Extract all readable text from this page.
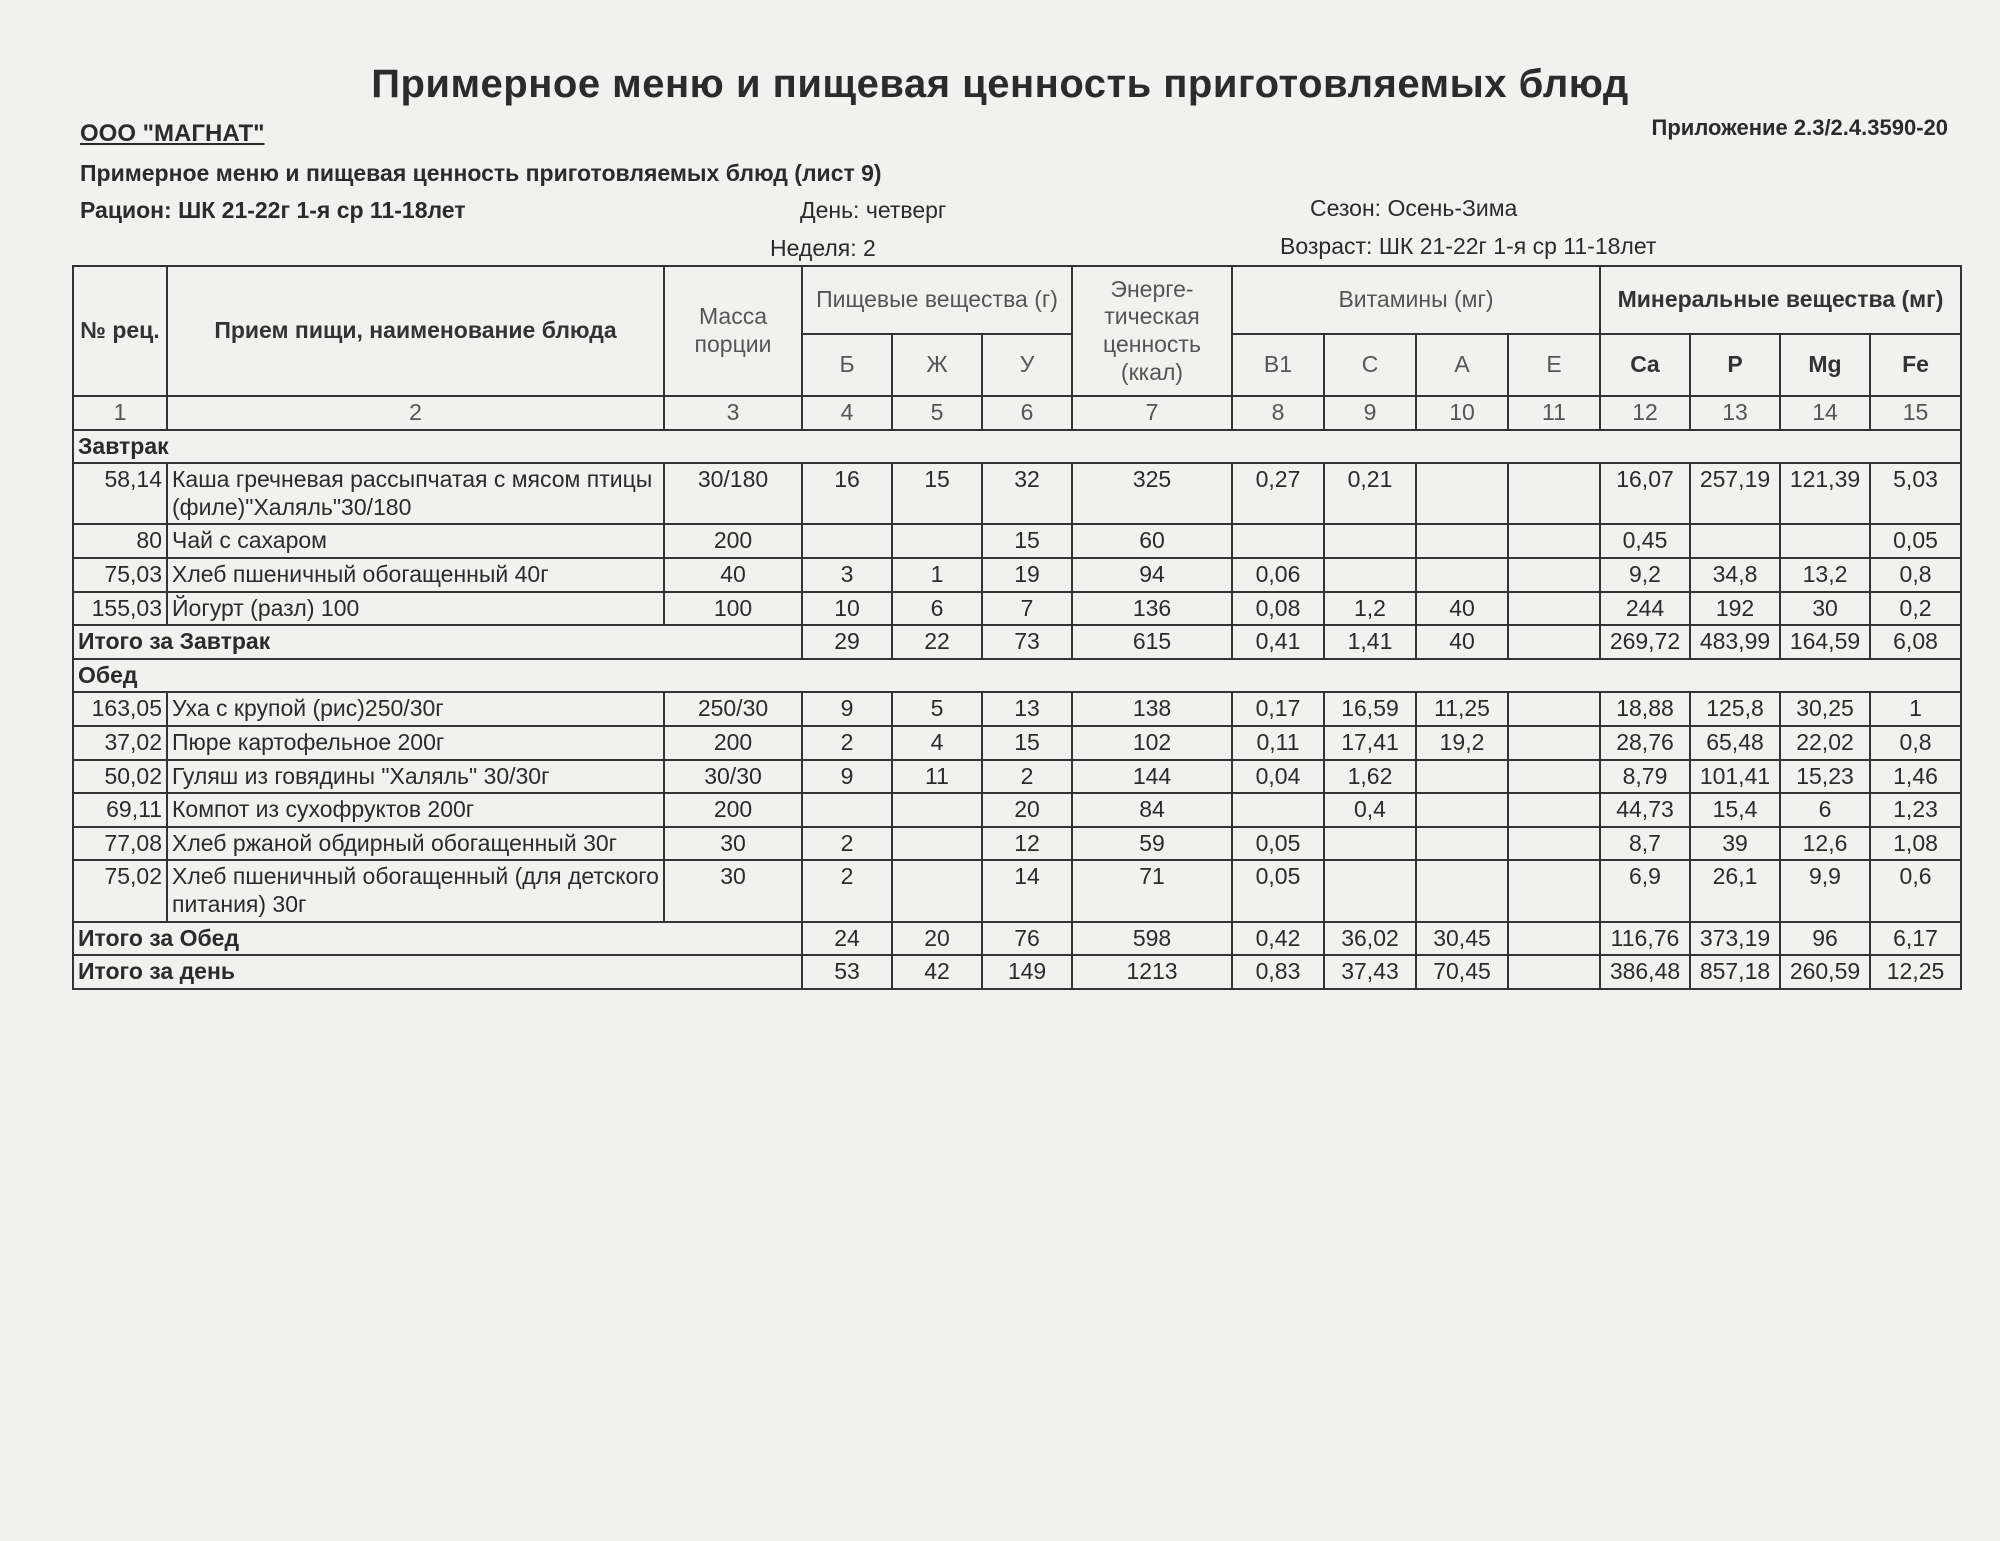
Примерное меню и пищевая ценность приготовляемых блюд
ООО "МАГНАТ"	Приложение 2.3/2.4.3590-20
Примерное меню и пищевая ценность приготовляемых блюд (лист 9)
Рацион: ШК 21-22г 1-я ср 11-18лет	День: четверг
Неделя: 2
Сезон: Осень-Зима
Возраст: ШК 21-22г 1-я ср 11-18лет
№ рец.	Прием пищи, наименование блюда	Масса порции	Пищевые вещества (г)			Энерге-тическая ценность (ккал)	Витамины (мг)				Минеральные вещества (мг)			
			Б	Ж	У		В1	С	А	Е	Ca	P	Mg	Fe
1	2	3	4	5	6	7	8	9	10	11	12	13	14	15
Завтрак														
58,14	Каша гречневая рассыпчатая с мясом птицы (филе)"Халяль"30/180	30/180	16	15	32	325	0,27	0,21			16,07	257,19	121,39	5,03
80	Чай с сахаром	200			15	60					0,45			0,05
75,03	Хлеб пшеничный обогащенный 40г	40	3	1	19	94	0,06				9,2	34,8	13,2	0,8
155,03	Йогурт (разл) 100	100	10	6	7	136	0,08	1,2	40		244	192	30	0,2
Итого за Завтрак			29	22	73	615	0,41	1,41	40		269,72	483,99	164,59	6,08
Обед														
163,05	Уха с крупой (рис)250/30г	250/30	9	5	13	138	0,17	16,59	11,25		18,88	125,8	30,25	1
37,02	Пюре картофельное 200г	200	2	4	15	102	0,11	17,41	19,2		28,76	65,48	22,02	0,8
50,02	Гуляш из говядины "Халяль" 30/30г	30/30	9	11	2	144	0,04	1,62			8,79	101,41	15,23	1,46
69,11	Компот из сухофруктов 200г	200			20	84		0,4			44,73	15,4	6	1,23
77,08	Хлеб ржаной обдирный обогащенный 30г	30	2		12	59	0,05				8,7	39	12,6	1,08
75,02	Хлеб пшеничный обогащенный (для детского питания) 30г	30	2		14	71	0,05				6,9	26,1	9,9	0,6
Итого за Обед			24	20	76	598	0,42	36,02	30,45		116,76	373,19	96	6,17
Итого за день			53	42	149	1213	0,83	37,43	70,45		386,48	857,18	260,59	12,25
